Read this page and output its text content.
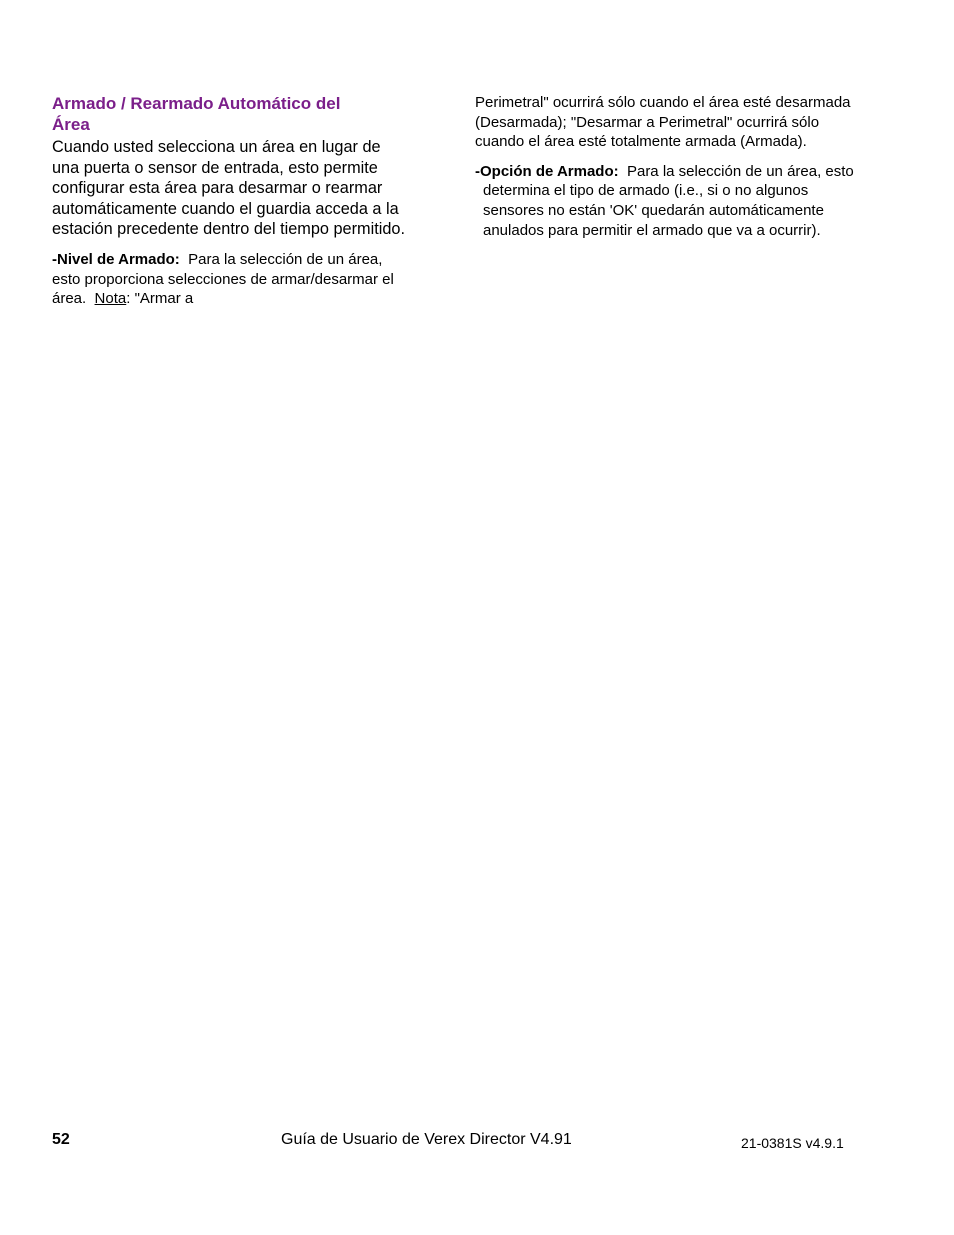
Armado / Rearmado Automático del
Área

Cuando usted selecciona un área en lugar de una puerta o sensor de entrada, esto permite configurar esta área para desarmar o rearmar automáticamente cuando el guardia acceda a la estación precedente dentro del tiempo permitido.

-Nivel de Armado: Para la selección de un área, esto proporciona selecciones de armar/desarmar el área. Nota: "Armar a

Perimetral" ocurrirá sólo cuando el área esté desarmada (Desarmada); "Desarmar a Perimetral" ocurrirá sólo cuando el área esté totalmente armada (Armada).

-Opción de Armado: Para la selección de un área, esto determina el tipo de armado (i.e., si o no algunos sensores no están 'OK' quedarán automáticamente anulados para permitir el armado que va a ocurrir).

52	Guía de Usuario de Verex Director V4.91	21-0381S v4.9.1
